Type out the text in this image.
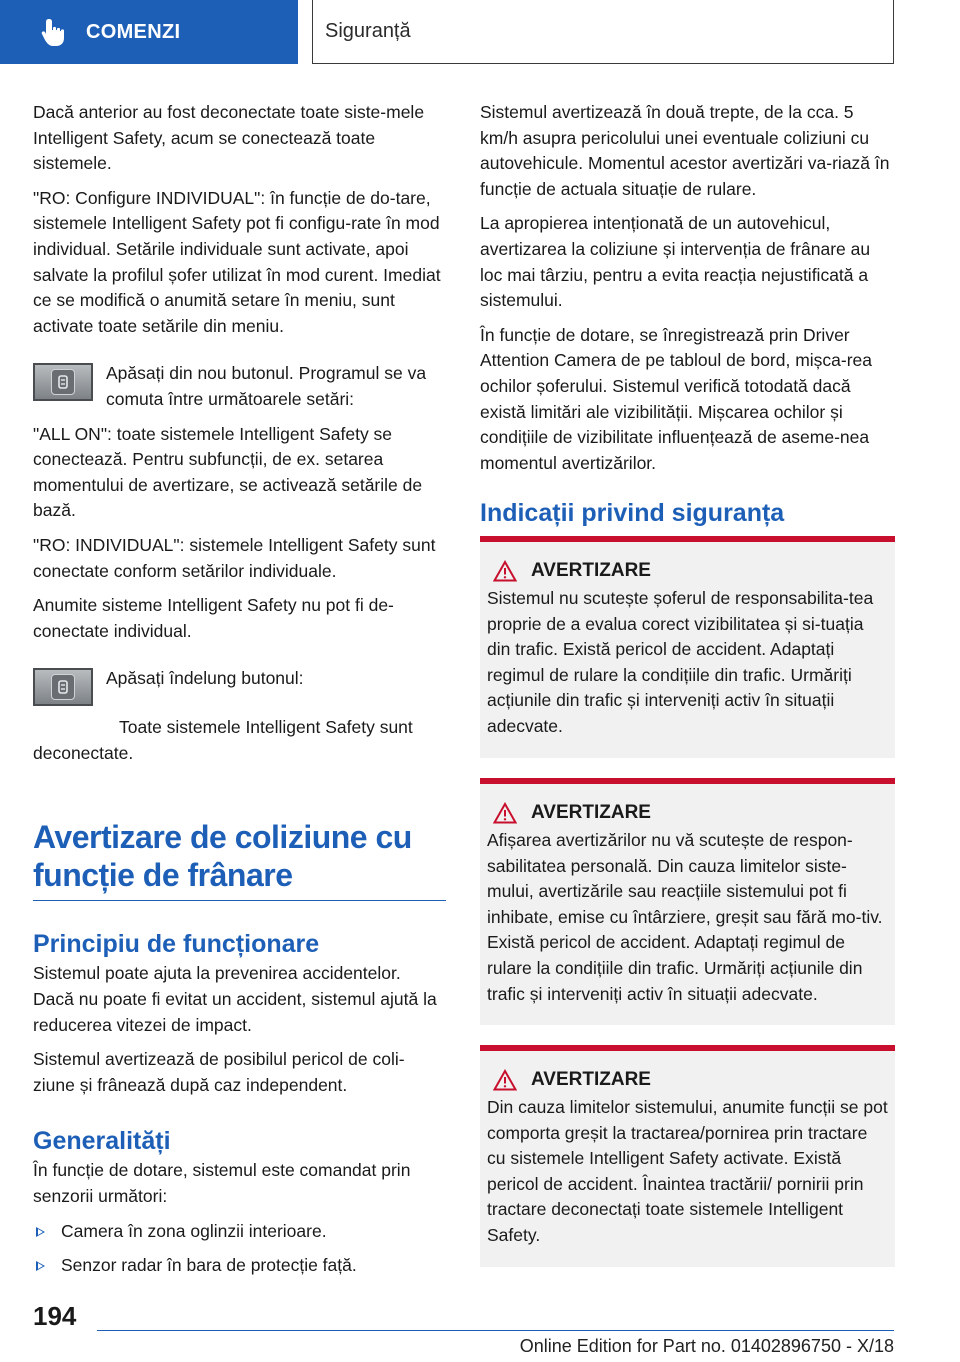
COMENZI	Siguranță

Dacă anterior au fost deconectate toate siste-mele Intelligent Safety, acum se conectează toate sistemele.

"RO: Configure INDIVIDUAL": în funcție de do-tare, sistemele Intelligent Safety pot fi configu-rate în mod individual. Setările individuale sunt activate, apoi salvate la profilul șofer utilizat în mod curent. Imediat ce se modifică o anumită setare în meniu, sunt activate toate setările din meniu.

Apăsați din nou butonul. Programul se va comuta între următoarele setări:

"ALL ON": toate sistemele Intelligent Safety se conectează. Pentru subfuncții, de ex. setarea momentului de avertizare, se activează setările de bază.

"RO: INDIVIDUAL": sistemele Intelligent Safety sunt conectate conform setărilor individuale.

Anumite sisteme Intelligent Safety nu pot fi de-conectate individual.

Apăsați îndelung butonul:

Toate sistemele Intelligent Safety sunt deconectate.

Avertizare de coliziune cu funcție de frânare
Principiu de funcționare

Sistemul poate ajuta la prevenirea accidentelor. Dacă nu poate fi evitat un accident, sistemul ajută la reducerea vitezei de impact.

Sistemul avertizează de posibilul pericol de coli-ziune și frânează după caz independent.

Generalități

În funcție de dotare, sistemul este comandat prin senzorii următori:

Camera în zona oglinzii interioare.
Senzor radar în bara de protecție față.

Sistemul avertizează în două trepte, de la cca. 5 km/h asupra pericolului unei eventuale coliziuni cu autovehicule. Momentul acestor avertizări va-riază în funcție de actuala situație de rulare.

La apropierea intenționată de un autovehicul, avertizarea la coliziune și intervenția de frânare au loc mai târziu, pentru a evita reacția nejustificată a sistemului.

În funcție de dotare, se înregistrează prin Driver Attention Camera de pe tabloul de bord, mișca-rea ochilor șoferului. Sistemul verifică totodată dacă există limitări ale vizibilității. Mișcarea ochilor și condițiile de vizibilitate influențează de aseme-nea momentul avertizărilor.

Indicații privind siguranța
AVERTIZARE

Sistemul nu scutește șoferul de responsabilita-tea proprie de a evalua corect vizibilitatea și si-tuația din trafic. Există pericol de accident. Adaptați regimul de rulare la condițiile din trafic. Urmăriți acțiunile din trafic și interveniți activ în situații adecvate.

AVERTIZARE

Afișarea avertizărilor nu vă scutește de respon-sabilitatea personală. Din cauza limitelor siste-mului, avertizările sau reacțiile sistemului pot fi inhibate, emise cu întârziere, greșit sau fără mo-tiv. Există pericol de accident. Adaptați regimul de rulare la condițiile din trafic. Urmăriți acțiunile din trafic și interveniți activ în situații adecvate.

AVERTIZARE

Din cauza limitelor sistemului, anumite funcții se pot comporta greșit la tractarea/pornirea prin tractare cu sistemele Intelligent Safety activate. Există pericol de accident. Înaintea tractării/ pornirii prin tractare deconectați toate sistemele Intelligent Safety.

194
Online Edition for Part no. 01402896750 - X/18
